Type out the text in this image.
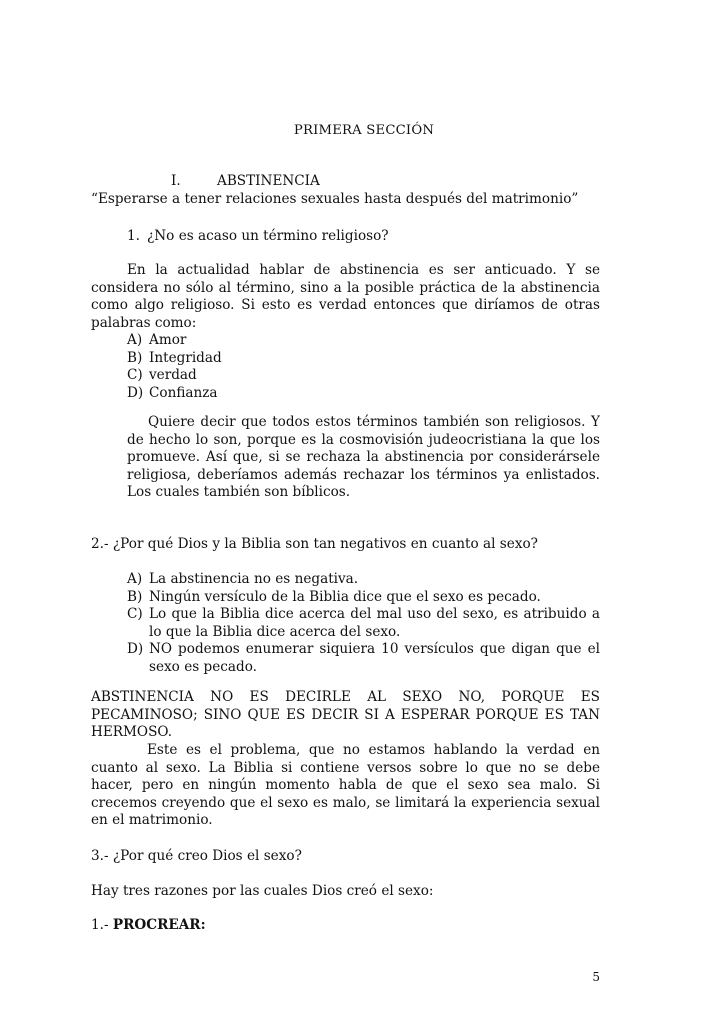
PRIMERA SECCIÓN
I.	ABSTINENCIA
“Esperarse a tener relaciones sexuales hasta después del matrimonio”
1. ¿No es acaso un término religioso?

En la actualidad hablar de abstinencia es ser anticuado. Y se considera no sólo al término, sino a la posible práctica de la abstinencia como algo religioso. Si esto es verdad entonces que diríamos de otras palabras como:

A) Amor
B) Integridad
C) verdad
D) Confianza

Quiere decir que todos estos términos también son religiosos. Y de hecho lo son, porque es la cosmovisión judeocristiana la que los promueve. Así que, si se rechaza la abstinencia por considerársele religiosa, deberíamos además rechazar los términos ya enlistados. Los cuales también son bíblicos.

2.- ¿Por qué Dios y la Biblia son tan negativos en cuanto al sexo?
A) La abstinencia no es negativa.
B) Ningún versículo de la Biblia dice que el sexo es pecado.
C) Lo que la Biblia dice acerca del mal uso del sexo, es atribuido a lo que la Biblia dice acerca del sexo.
D) NO podemos enumerar siquiera 10 versículos que digan que el sexo es pecado.

ABSTINENCIA NO ES DECIRLE AL SEXO NO, PORQUE ES PECAMINOSO; SINO QUE ES DECIR SI A ESPERAR PORQUE ES TAN HERMOSO.

Este es el problema, que no estamos hablando la verdad en cuanto al sexo. La Biblia si contiene versos sobre lo que no se debe hacer, pero en ningún momento habla de que el sexo sea malo. Si crecemos creyendo que el sexo es malo, se limitará la experiencia sexual en el matrimonio.

3.- ¿Por qué creo Dios el sexo?
Hay tres razones por las cuales Dios creó el sexo:
1.- PROCREAR:
5
